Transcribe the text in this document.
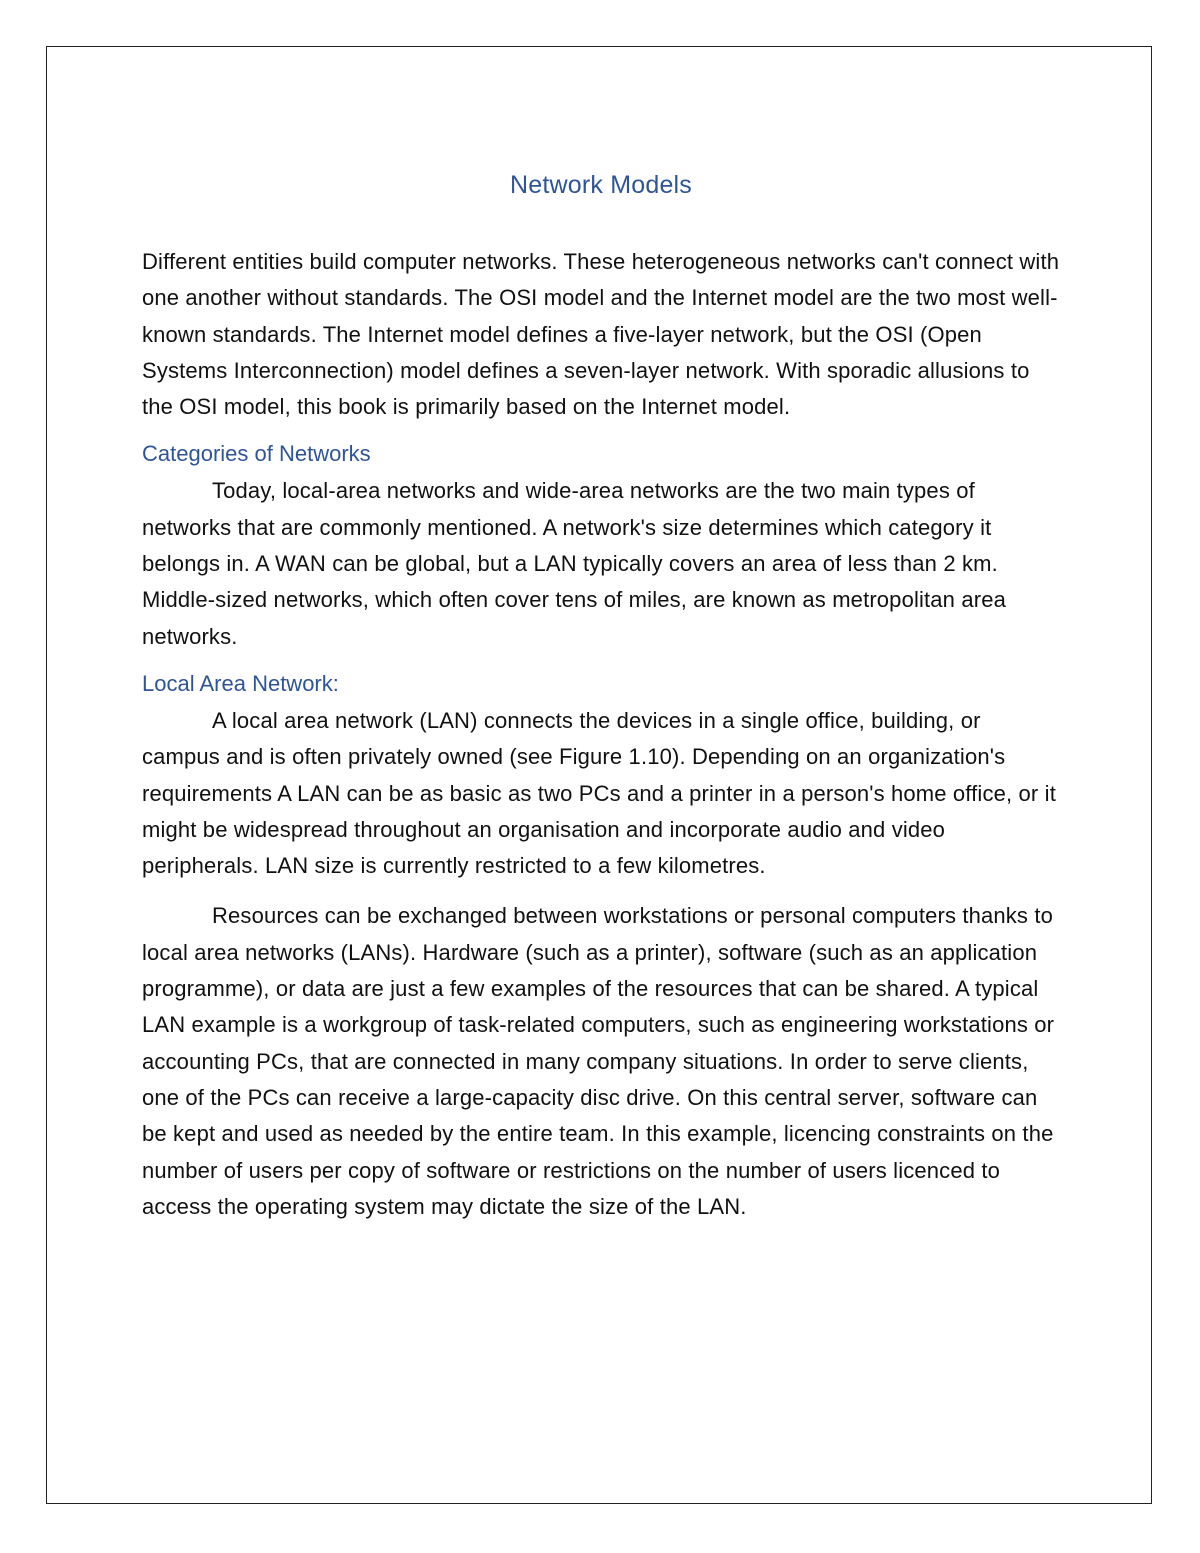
Network Models

Different entities build computer networks. These heterogeneous networks can't connect with one another without standards. The OSI model and the Internet model are the two most well-known standards. The Internet model defines a five-layer network, but the OSI (Open Systems Interconnection) model defines a seven-layer network. With sporadic allusions to the OSI model, this book is primarily based on the Internet model.

Categories of Networks

Today, local-area networks and wide-area networks are the two main types of networks that are commonly mentioned. A network's size determines which category it belongs in. A WAN can be global, but a LAN typically covers an area of less than 2 km. Middle-sized networks, which often cover tens of miles, are known as metropolitan area networks.

Local Area Network:

A local area network (LAN) connects the devices in a single office, building, or campus and is often privately owned (see Figure 1.10). Depending on an organization's requirements A LAN can be as basic as two PCs and a printer in a person's home office, or it might be widespread throughout an organisation and incorporate audio and video peripherals. LAN size is currently restricted to a few kilometres.

Resources can be exchanged between workstations or personal computers thanks to local area networks (LANs). Hardware (such as a printer), software (such as an application programme), or data are just a few examples of the resources that can be shared. A typical LAN example is a workgroup of task-related computers, such as engineering workstations or accounting PCs, that are connected in many company situations. In order to serve clients, one of the PCs can receive a large-capacity disc drive. On this central server, software can be kept and used as needed by the entire team. In this example, licencing constraints on the number of users per copy of software or restrictions on the number of users licenced to access the operating system may dictate the size of the LAN.
